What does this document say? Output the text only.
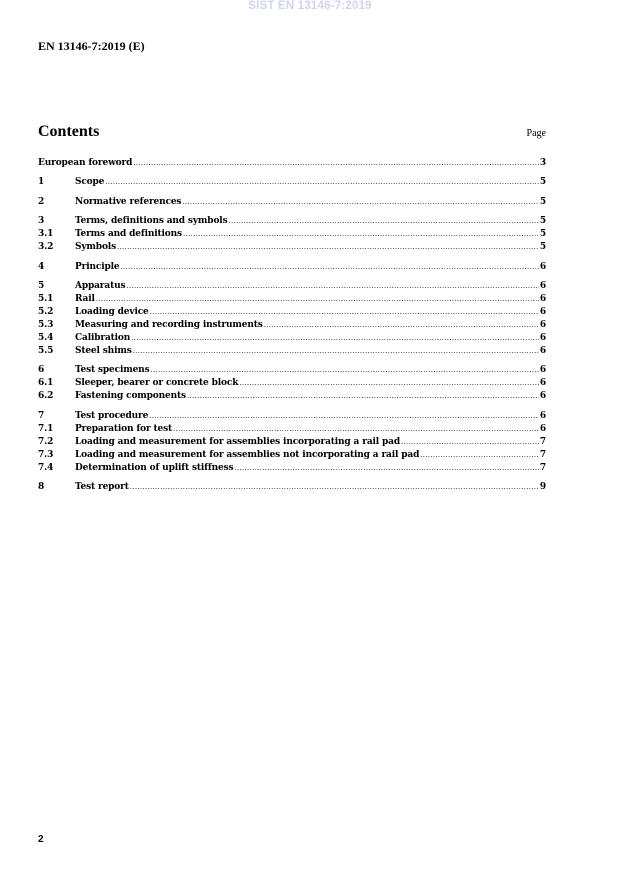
SIST EN 13146-7:2019
EN 13146-7:2019 (E)
Contents	Page
European foreword .....	3
1	Scope .....	5
2	Normative references .....	5
3	Terms, definitions and symbols .....	5
3.1	Terms and definitions .....	5
3.2	Symbols .....	5
4	Principle .....	6
5	Apparatus .....	6
5.1	Rail .....	6
5.2	Loading device .....	6
5.3	Measuring and recording instruments .....	6
5.4	Calibration .....	6
5.5	Steel shims .....	6
6	Test specimens .....	6
6.1	Sleeper, bearer or concrete block .....	6
6.2	Fastening components .....	6
7	Test procedure .....	6
7.1	Preparation for test .....	6
7.2	Loading and measurement for assemblies incorporating a rail pad .....	7
7.3	Loading and measurement for assemblies not incorporating a rail pad .....	7
7.4	Determination of uplift stiffness .....	7
8	Test report .....	9
2
